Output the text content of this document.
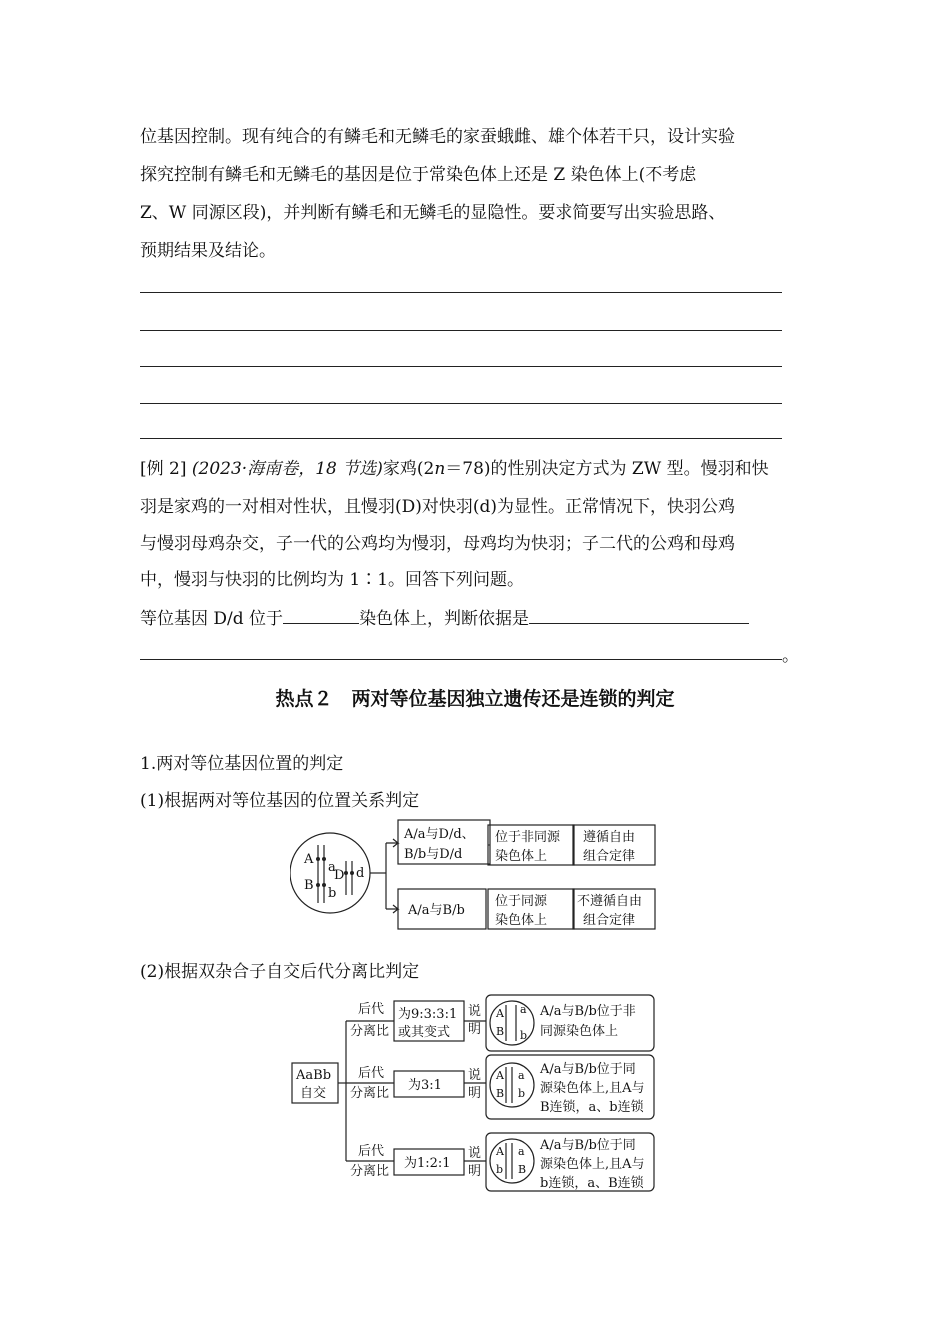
位基因控制。现有纯合的有鳞毛和无鳞毛的家蚕蛾雌、雄个体若干只，设计实验

探究控制有鳞毛和无鳞毛的基因是位于常染色体上还是 Z 染色体上(不考虑

Z、W 同源区段)，并判断有鳞毛和无鳞毛的显隐性。要求简要写出实验思路、

预期结果及结论。

[例 2] (2023·海南卷，18 节选)家鸡(2n＝78)的性别决定方式为 ZW 型。慢羽和快

羽是家鸡的一对相对性状，且慢羽(D)对快羽(d)为显性。正常情况下，快羽公鸡

与慢羽母鸡杂交，子一代的公鸡均为慢羽，母鸡均为快羽；子二代的公鸡和母鸡

中，慢羽与快羽的比例均为 1∶1。回答下列问题。

等位基因 D/d 位于	染色体上，判断依据是

。
热点２　两对等位基因独立遗传还是连锁的判定

1.两对等位基因位置的判定

(1)根据两对等位基因的位置关系判定

A
a
B
b
D d
A/a与D/d、
B/b与D/d
位于非同源
染色体上
遵循自由
组合定律
A/a与B/b
位于同源
染色体上
不遵循自由
组合定律

(2)根据双杂合子自交后代分离比判定

AaBb
自交
后代
分离比
后代
分离比
后代
分离比
为9:3:3:1
或其变式
为3:1
为1:2:1
说
明
说
明
说
明
A a
B b
A a
B b
A a
b B
A/a与B/b位于非
同源染色体上
A/a与B/b位于同
源染色体上,且A与
B连锁，a、b连锁
A/a与B/b位于同
源染色体上,且A与
b连锁，a、B连锁
